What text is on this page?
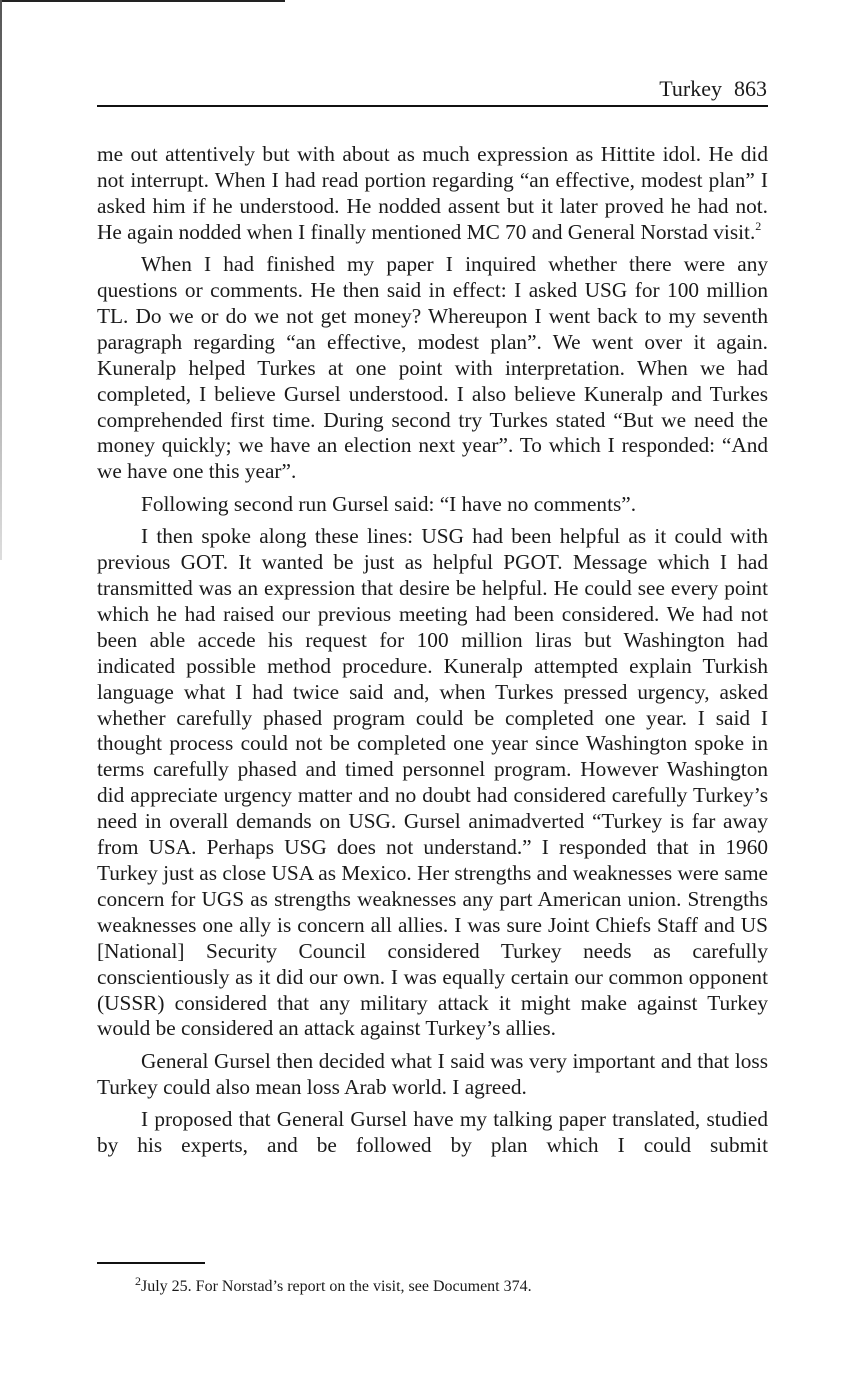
Turkey 863

me out attentively but with about as much expression as Hittite idol. He did not interrupt. When I had read portion regarding “an effective, modest plan” I asked him if he understood. He nodded assent but it later proved he had not. He again nodded when I finally mentioned MC 70 and General Norstad visit.$^2$

When I had finished my paper I inquired whether there were any questions or comments. He then said in effect: I asked USG for 100 million TL. Do we or do we not get money? Whereupon I went back to my seventh paragraph regarding “an effective, modest plan”. We went over it again. Kuneralp helped Turkes at one point with interpretation. When we had completed, I believe Gursel understood. I also believe Kuneralp and Turkes comprehended first time. During second try Turkes stated “But we need the money quickly; we have an election next year”. To which I responded: “And we have one this year”.

Following second run Gursel said: “I have no comments”.

I then spoke along these lines: USG had been helpful as it could with previous GOT. It wanted be just as helpful PGOT. Message which I had transmitted was an expression that desire be helpful. He could see every point which he had raised our previous meeting had been considered. We had not been able accede his request for 100 million liras but Washington had indicated possible method procedure. Kuneralp attempted explain Turkish language what I had twice said and, when Turkes pressed urgency, asked whether carefully phased program could be completed one year. I said I thought process could not be completed one year since Washington spoke in terms carefully phased and timed personnel program. However Washington did appreciate urgency matter and no doubt had considered carefully Turkey’s need in overall demands on USG. Gursel animadverted “Turkey is far away from USA. Perhaps USG does not understand.” I responded that in 1960 Turkey just as close USA as Mexico. Her strengths and weaknesses were same concern for UGS as strengths weaknesses any part American union. Strengths weaknesses one ally is concern all allies. I was sure Joint Chiefs Staff and US [National] Security Council considered Turkey needs as carefully conscientiously as it did our own. I was equally certain our common opponent (USSR) considered that any military attack it might make against Turkey would be considered an attack against Turkey’s allies.

General Gursel then decided what I said was very important and that loss Turkey could also mean loss Arab world. I agreed.

I proposed that General Gursel have my talking paper translated, studied by his experts, and be followed by plan which I could submit

$^2$July 25. For Norstad’s report on the visit, see Document 374.
